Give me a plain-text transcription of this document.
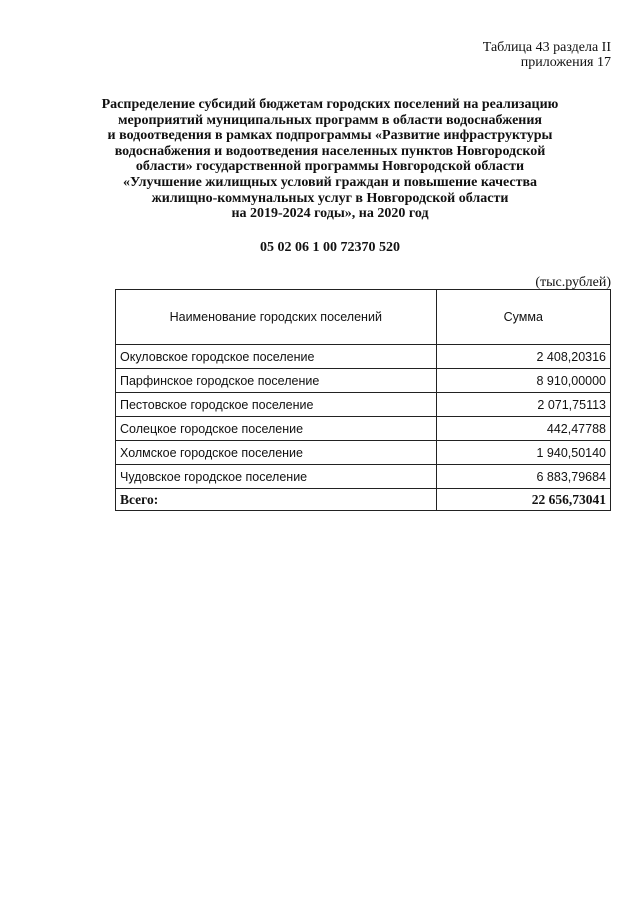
Таблица 43 раздела II
приложения 17
Распределение субсидий бюджетам городских поселений на реализацию
мероприятий муниципальных программ в области водоснабжения
и водоотведения в рамках подпрограммы «Развитие инфраструктуры
водоснабжения и водоотведения населенных пунктов Новгородской
области» государственной программы Новгородской области
«Улучшение жилищных условий граждан и повышение качества
жилищно-коммунальных услуг в Новгородской области
на 2019-2024 годы», на 2020 год
05 02 06 1 00 72370 520
(тыс.рублей)
Наименование городских поселений	Сумма
Окуловское городское поселение	2 408,20316
Парфинское городское поселение	8 910,00000
Пестовское городское поселение	2 071,75113
Солецкое городское поселение	442,47788
Холмское городское поселение	1 940,50140
Чудовское городское поселение	6 883,79684
Всего:	22 656,73041
